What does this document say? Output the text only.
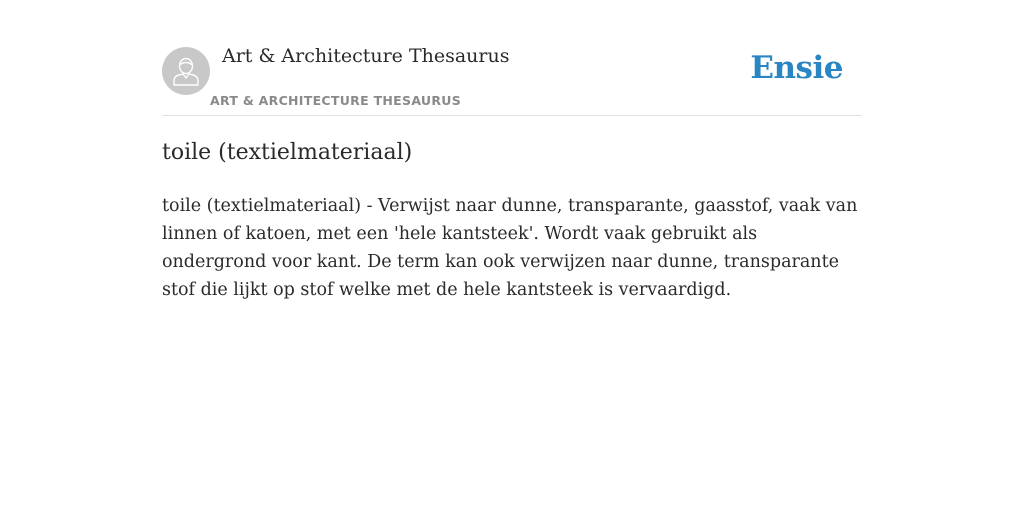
Art & Architecture Thesaurus
ART & ARCHITECTURE THESAURUS
Ensie
toile (textielmateriaal)

toile (textielmateriaal) - Verwijst naar dunne, transparante, gaasstof, vaak van linnen of katoen, met een 'hele kantsteek'. Wordt vaak gebruikt als ondergrond voor kant. De term kan ook verwijzen naar dunne, transparante stof die lijkt op stof welke met de hele kantsteek is vervaardigd.
